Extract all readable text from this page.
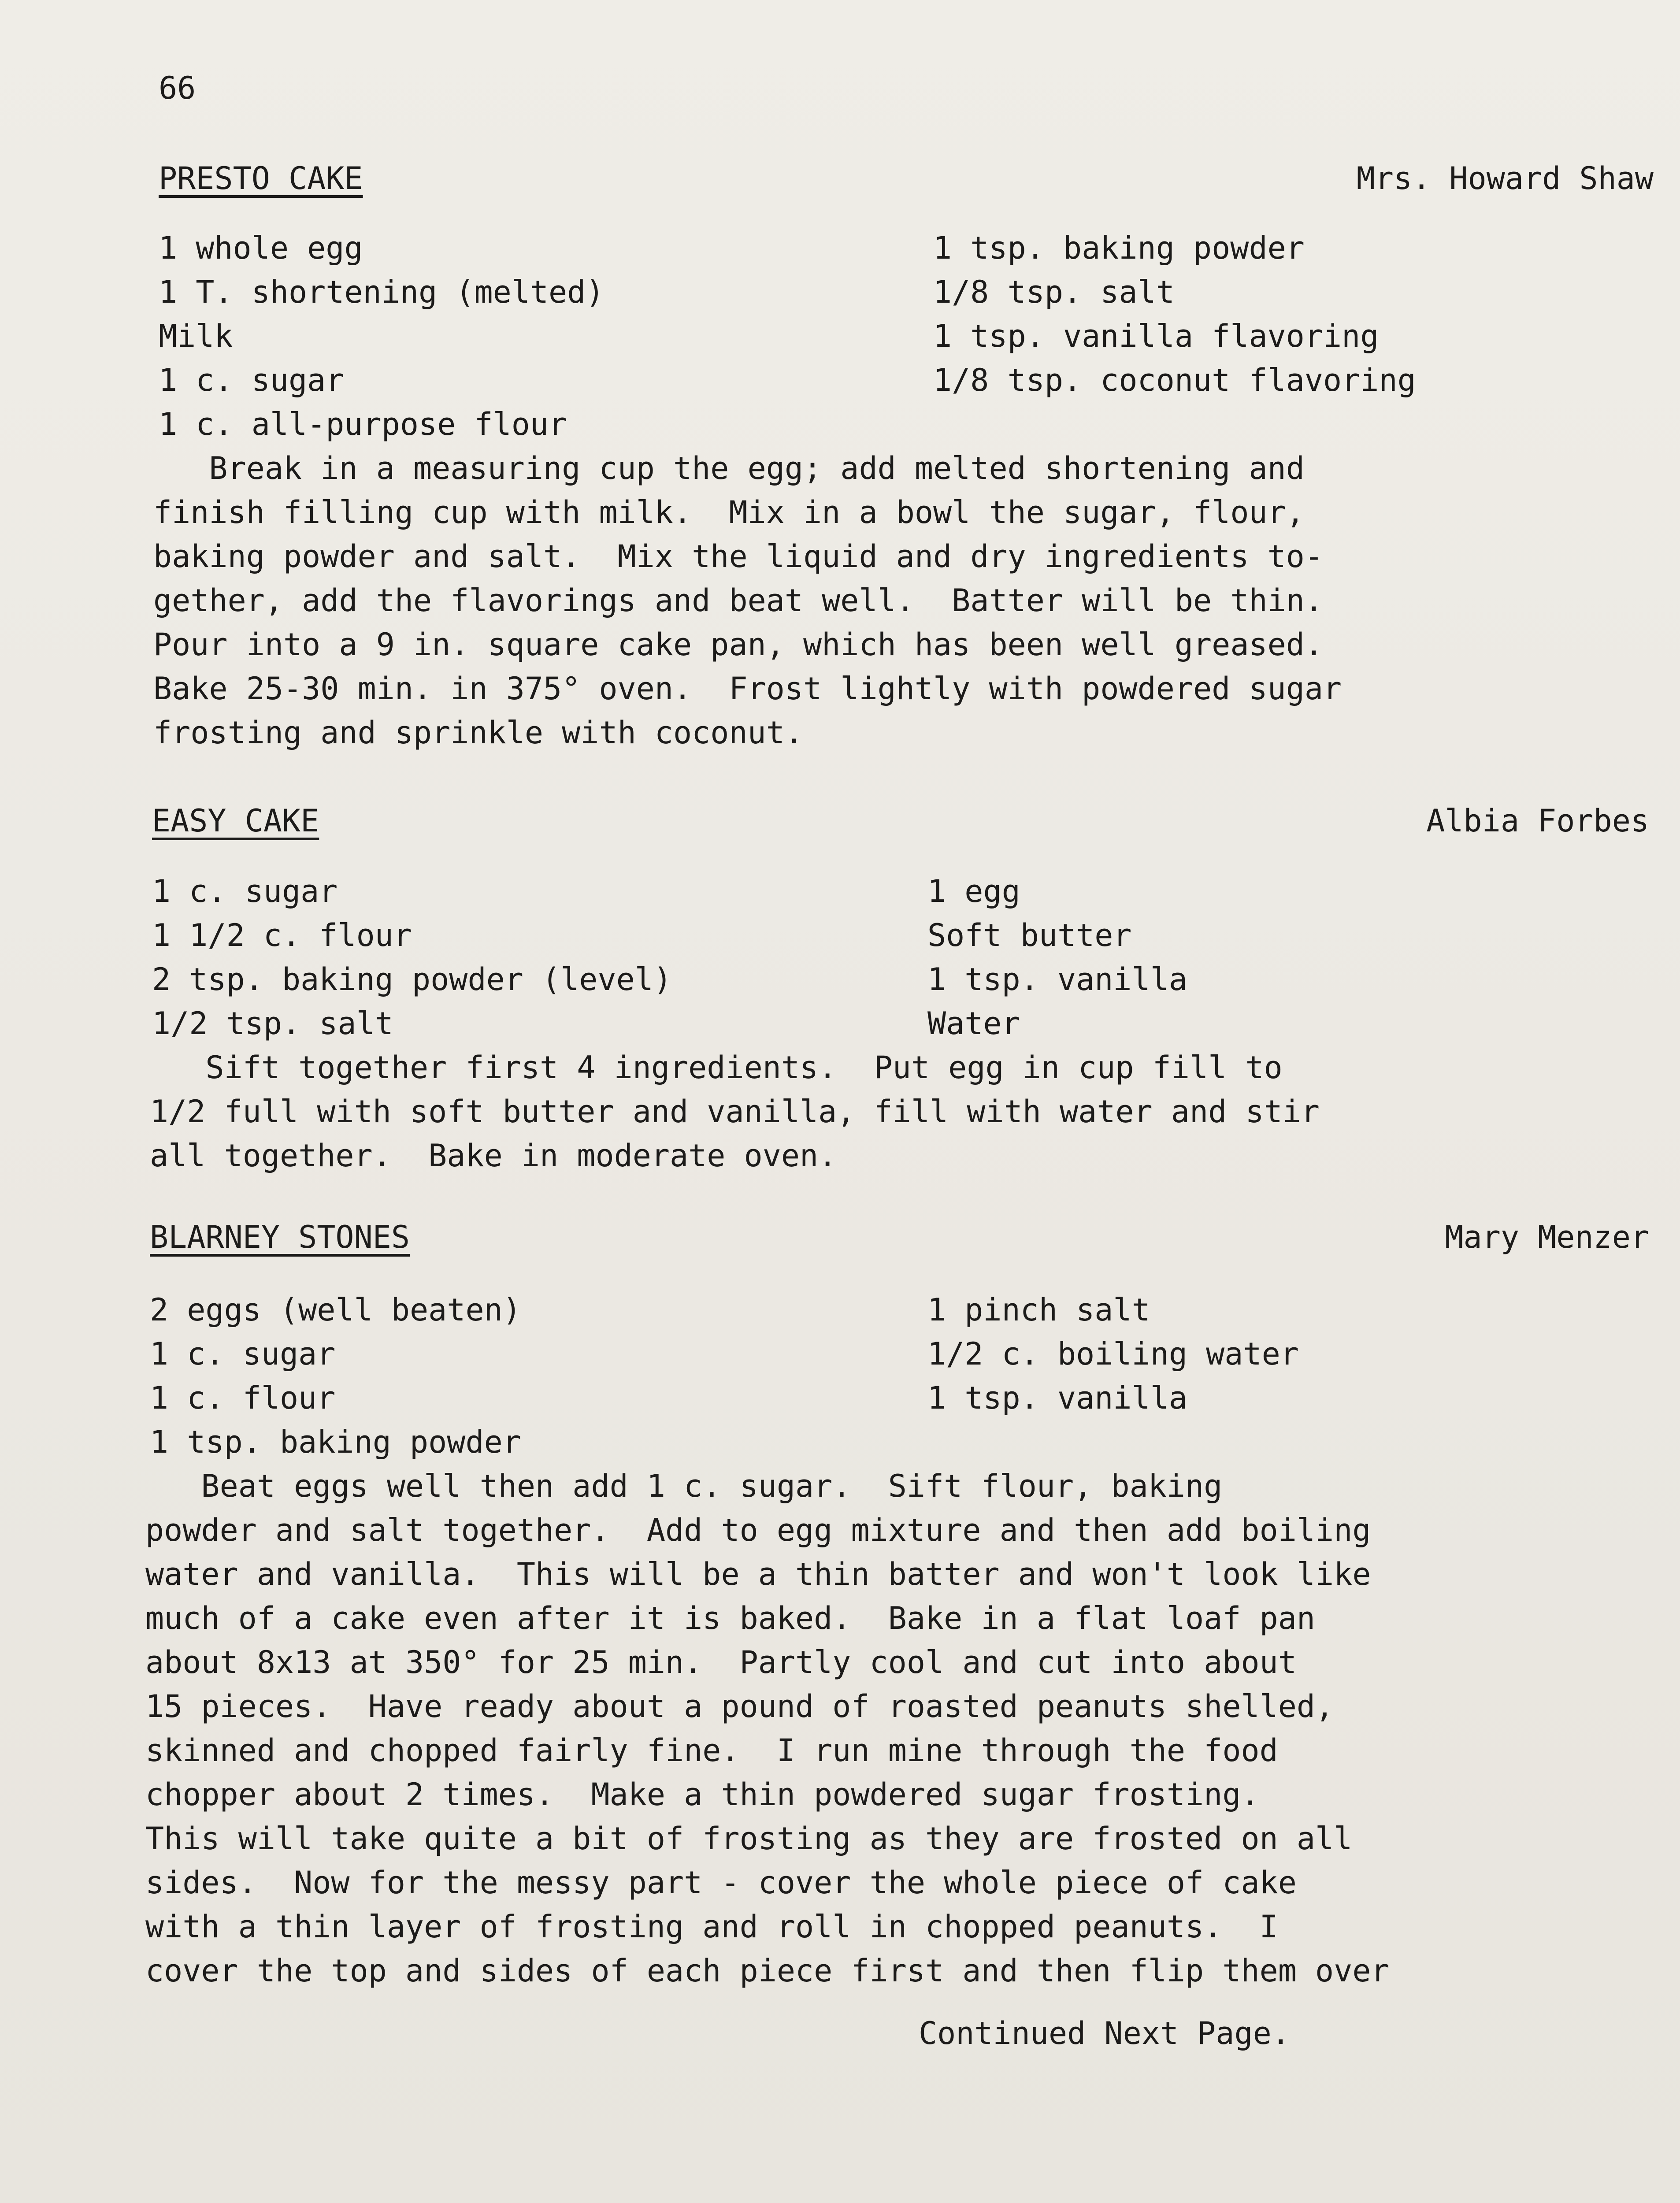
66
PRESTO CAKE	Mrs. Howard Shaw
1 whole egg
1 T. shortening (melted)
Milk
1 c. sugar
1 c. all-purpose flour
1 tsp. baking powder
1/8 tsp. salt
1 tsp. vanilla flavoring
1/8 tsp. coconut flavoring
Break in a measuring cup the egg; add melted shortening and
finish filling cup with milk.  Mix in a bowl the sugar, flour,
baking powder and salt.  Mix the liquid and dry ingredients to-
gether, add the flavorings and beat well.  Batter will be thin.
Pour into a 9 in. square cake pan, which has been well greased.
Bake 25-30 min. in 375° oven.  Frost lightly with powdered sugar
frosting and sprinkle with coconut.
EASY CAKE	Albia Forbes
1 c. sugar
1 1/2 c. flour
2 tsp. baking powder (level)
1/2 tsp. salt
1 egg
Soft butter
1 tsp. vanilla
Water
Sift together first 4 ingredients.  Put egg in cup fill to
1/2 full with soft butter and vanilla, fill with water and stir
all together.  Bake in moderate oven.
BLARNEY STONES	Mary Menzer
2 eggs (well beaten)
1 c. sugar
1 c. flour
1 tsp. baking powder
1 pinch salt
1/2 c. boiling water
1 tsp. vanilla
Beat eggs well then add 1 c. sugar.  Sift flour, baking
powder and salt together.  Add to egg mixture and then add boiling
water and vanilla.  This will be a thin batter and won't look like
much of a cake even after it is baked.  Bake in a flat loaf pan
about 8x13 at 350° for 25 min.  Partly cool and cut into about
15 pieces.  Have ready about a pound of roasted peanuts shelled,
skinned and chopped fairly fine.  I run mine through the food
chopper about 2 times.  Make a thin powdered sugar frosting.
This will take quite a bit of frosting as they are frosted on all
sides.  Now for the messy part - cover the whole piece of cake
with a thin layer of frosting and roll in chopped peanuts.  I
cover the top and sides of each piece first and then flip them over
Continued Next Page.
